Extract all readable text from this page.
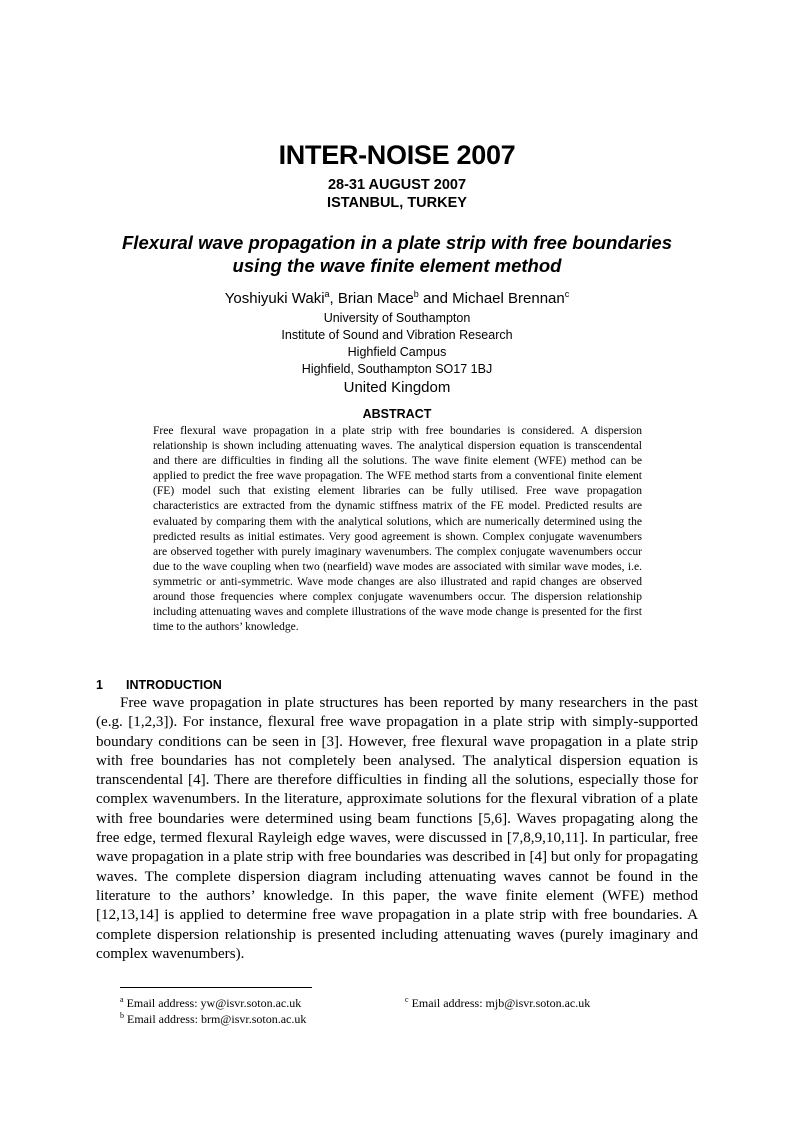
INTER-NOISE 2007
28-31 AUGUST 2007
ISTANBUL, TURKEY
Flexural wave propagation in a plate strip with free boundaries
using the wave finite element method
Yoshiyuki Waki$^a$, Brian Mace$^b$ and Michael Brennan$^c$
University of Southampton
Institute of Sound and Vibration Research
Highfield Campus
Highfield, Southampton SO17 1BJ
United Kingdom
ABSTRACT

Free flexural wave propagation in a plate strip with free boundaries is considered. A dispersion relationship is shown including attenuating waves. The analytical dispersion equation is transcendental and there are difficulties in finding all the solutions. The wave finite element (WFE) method can be applied to predict the free wave propagation. The WFE method starts from a conventional finite element (FE) model such that existing element libraries can be fully utilised. Free wave propagation characteristics are extracted from the dynamic stiffness matrix of the FE model. Predicted results are evaluated by comparing them with the analytical solutions, which are numerically determined using the predicted results as initial estimates. Very good agreement is shown. Complex conjugate wavenumbers are observed together with purely imaginary wavenumbers. The complex conjugate wavenumbers occur due to the wave coupling when two (nearfield) wave modes are associated with similar wave modes, i.e. symmetric or anti-symmetric. Wave mode changes are also illustrated and rapid changes are observed around those frequencies where complex conjugate wavenumbers occur. The dispersion relationship including attenuating waves and complete illustrations of the wave mode change is presented for the first time to the authors’ knowledge.

1 INTRODUCTION

Free wave propagation in plate structures has been reported by many researchers in the past (e.g. [1,2,3]). For instance, flexural free wave propagation in a plate strip with simply-supported boundary conditions can be seen in [3]. However, free flexural wave propagation in a plate strip with free boundaries has not completely been analysed. The analytical dispersion equation is transcendental [4]. There are therefore difficulties in finding all the solutions, especially those for complex wavenumbers. In the literature, approximate solutions for the flexural vibration of a plate with free boundaries were determined using beam functions [5,6]. Waves propagating along the free edge, termed flexural Rayleigh edge waves, were discussed in [7,8,9,10,11]. In particular, free wave propagation in a plate strip with free boundaries was described in [4] but only for propagating waves. The complete dispersion diagram including attenuating waves cannot be found in the literature to the authors’ knowledge. In this paper, the wave finite element (WFE) method [12,13,14] is applied to determine free wave propagation in a plate strip with free boundaries. A complete dispersion relationship is presented including attenuating waves (purely imaginary and complex wavenumbers).

$^a$ Email address: yw@isvr.soton.ac.uk
$^b$ Email address: brm@isvr.soton.ac.uk
$^c$ Email address: mjb@isvr.soton.ac.uk
